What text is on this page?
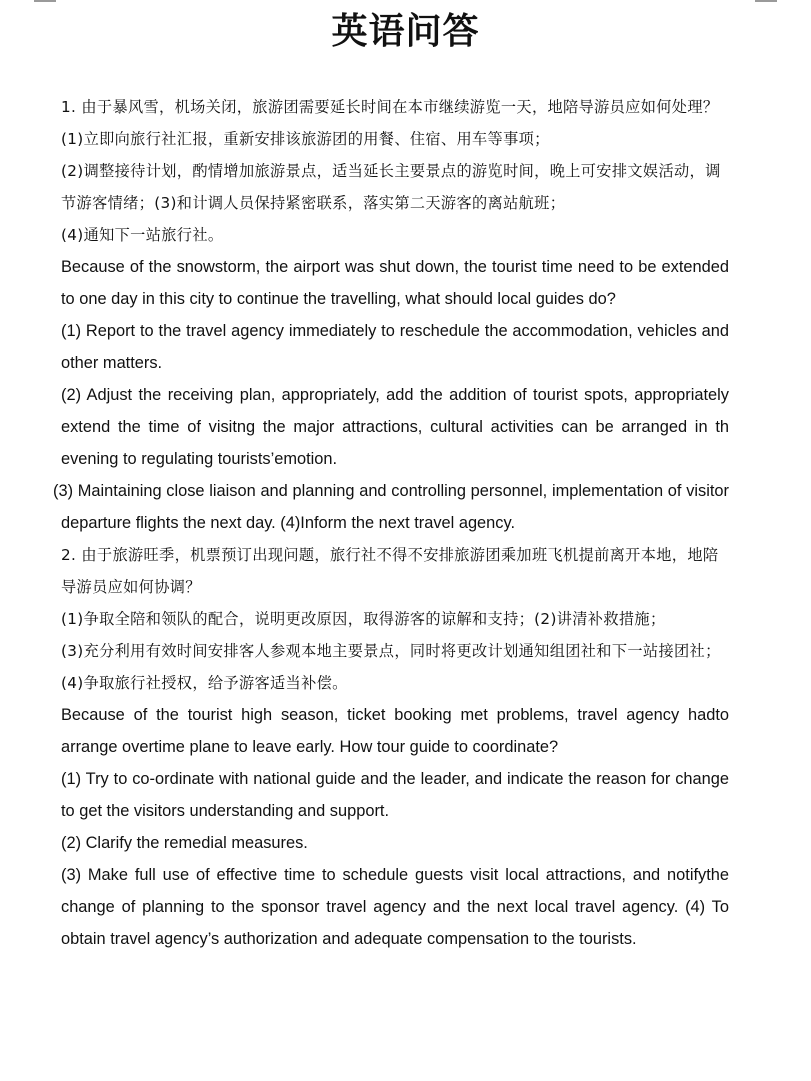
英语问答

1. 由于暴风雪，机场关闭，旅游团需要延长时间在本市继续游览一天，地陪导游员应如何处理？

(1)立即向旅行社汇报，重新安排该旅游团的用餐、住宿、用车等事项；

(2)调整接待计划，酌情增加旅游景点，适当延长主要景点的游览时间，晚上可安排文娱活动，调节游客情绪；(3)和计调人员保持紧密联系，落实第二天游客的离站航班；

(4)通知下一站旅行社。

Because of the snowstorm, the airport was shut down, the tourist time need to be extended to one day in this city to continue the travelling, what should local guides do?

(1) Report to the travel agency immediately to reschedule the accommodation, vehicles and other matters.

(2) Adjust the receiving plan, appropriately, add the addition of tourist spots, appropriately extend the time of visitng the major attractions, cultural activities can be arranged in th evening to regulating tourists’emotion.

(3) Maintaining close liaison and planning and controlling personnel, implementation of visitor departure flights the next day. (4)Inform the next travel agency.

2. 由于旅游旺季，机票预订出现问题，旅行社不得不安排旅游团乘加班飞机提前离开本地，地陪导游员应如何协调？

(1)争取全陪和领队的配合，说明更改原因，取得游客的谅解和支持；(2)讲清补救措施；

(3)充分利用有效时间安排客人参观本地主要景点，同时将更改计划通知组团社和下一站接团社；(4)争取旅行社授权，给予游客适当补偿。

Because of the tourist high season, ticket booking met problems, travel agency hadto arrange overtime plane to leave early. How tour guide to coordinate?

(1) Try to co-ordinate with national guide and the leader, and indicate the reason for change to get the visitors understanding and support.

(2) Clarify the remedial measures.

(3) Make full use of effective time to schedule guests visit local attractions, and notifythe change of planning to the sponsor travel agency and the next local travel agency. (4) To obtain travel agency’s authorization and adequate compensation to the tourists.
